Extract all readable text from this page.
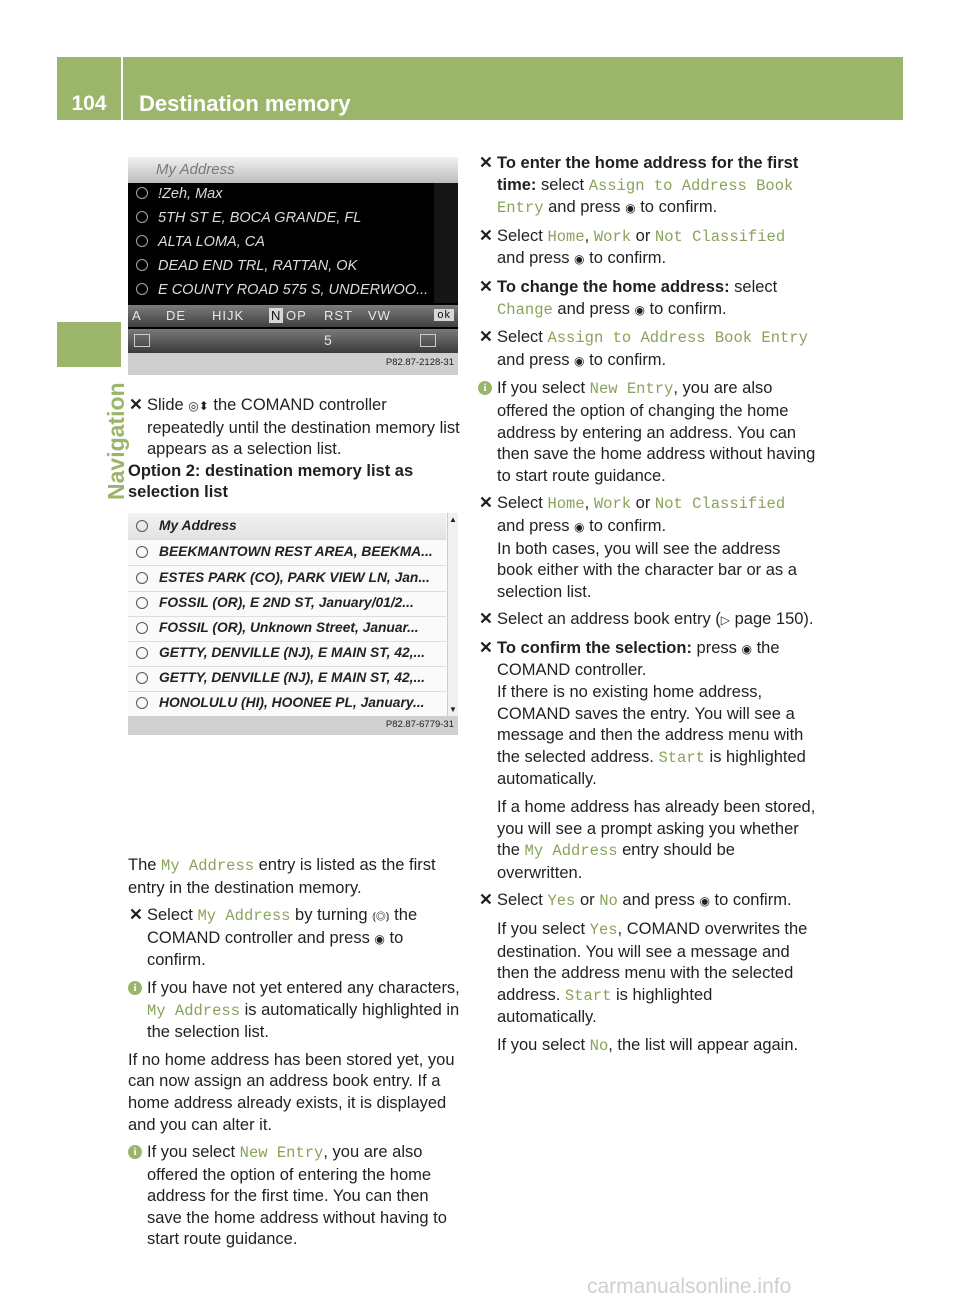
104	Destination memory
Navigation
My Address
!Zeh, Max
5TH ST E, BOCA GRANDE, FL
ALTA LOMA, CA
DEAD END TRL, RATTAN, OK
E COUNTY ROAD 575 S, UNDERWOO...
A DE HIJK N OP RST VW	ok
5
P82.87-2128-31
My Address
BEEKMANTOWN REST AREA, BEEKMA...
ESTES PARK (CO), PARK VIEW LN, Jan...
FOSSIL (OR), E 2ND ST, January/01/2...
FOSSIL (OR), Unknown Street, Januar...
GETTY, DENVILLE (NJ), E MAIN ST, 42,...
GETTY, DENVILLE (NJ), E MAIN ST, 42,...
HONOLULU (HI), HOONEE PL, January...
▲
▼
P82.87-6779-31
✕ Slide ◎⬍ the COMAND controller repeatedly until the destination memory list appears as a selection list.

Option 2: destination memory list as selection list

The My Address entry is listed as the first entry in the destination memory.

✕ Select My Address by turning ⦅◎⦆ the COMAND controller and press ◉ to confirm.
i If you have not yet entered any characters, My Address is automatically highlighted in the selection list.

If no home address has been stored yet, you can now assign an address book entry. If a home address already exists, it is displayed and you can alter it.

i If you select New Entry, you are also offered the option of entering the home address for the first time. You can then save the home address without having to start route guidance.
✕ To enter the home address for the first time: select Assign to Address Book Entry and press ◉ to confirm.
✕ Select Home, Work or Not Classified and press ◉ to confirm.
✕ To change the home address: select Change and press ◉ to confirm.
✕ Select Assign to Address Book Entry and press ◉ to confirm.
i If you select New Entry, you are also offered the option of changing the home address by entering an address. You can then save the home address without having to start route guidance.
✕ Select Home, Work or Not Classified and press ◉ to confirm.
In both cases, you will see the address book either with the character bar or as a selection list.
✕ Select an address book entry (▷ page 150).
✕ To confirm the selection: press ◉ the COMAND controller.
If there is no existing home address, COMAND saves the entry. You will see a message and then the address menu with the selected address. Start is highlighted automatically.

If a home address has already been stored, you will see a prompt asking you whether the My Address entry should be overwritten.

✕ Select Yes or No and press ◉ to confirm.

If you select Yes, COMAND overwrites the destination. You will see a message and then the address menu with the selected address. Start is highlighted automatically.

If you select No, the list will appear again.

carmanualsonline.info
